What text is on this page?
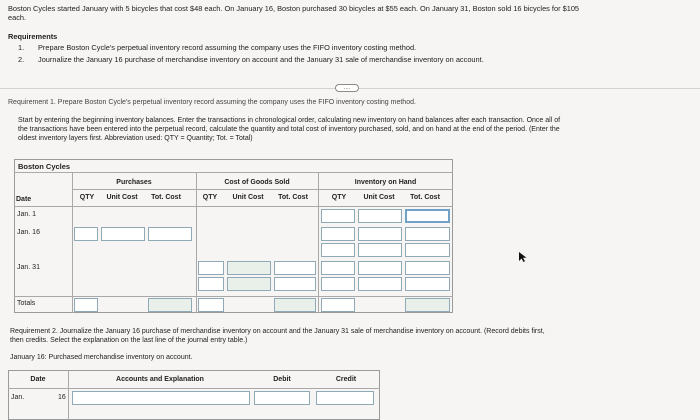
Boston Cycles started January with 5 bicycles that cost $48 each. On January 16, Boston purchased 30 bicycles at $55 each. On January 31, Boston sold 16 bicycles for $105
each.
Requirements
1. Prepare Boston Cycle's perpetual inventory record assuming the company uses the FIFO inventory costing method.
2. Journalize the January 16 purchase of merchandise inventory on account and the January 31 sale of merchandise inventory on account.
....
Requirement 1. Prepare Boston Cycle's perpetual inventory record assuming the company uses the FIFO inventory costing method.
Start by entering the beginning inventory balances. Enter the transactions in chronological order, calculating new inventory on hand balances after each transaction. Once all of
the transactions have been entered into the perpetual record, calculate the quantity and total cost of inventory purchased, sold, and on hand at the end of the period. (Enter the
oldest inventory layers first. Abbreviation used: QTY = Quantity; Tot. = Total)
Boston Cycles
Purchases	Cost of Goods Sold	Inventory on Hand
Date	QTY	Unit Cost	Tot. Cost	QTY	Unit Cost	Tot. Cost	QTY	Unit Cost	Tot. Cost
Jan. 1
Jan. 16
Jan. 31
Totals
Requirement 2. Journalize the January 16 purchase of merchandise inventory on account and the January 31 sale of merchandise inventory on account. (Record debits first,
then credits. Select the explanation on the last line of the journal entry table.)
January 16: Purchased merchandise inventory on account.
Date	Accounts and Explanation	Debit	Credit
Jan.	16
